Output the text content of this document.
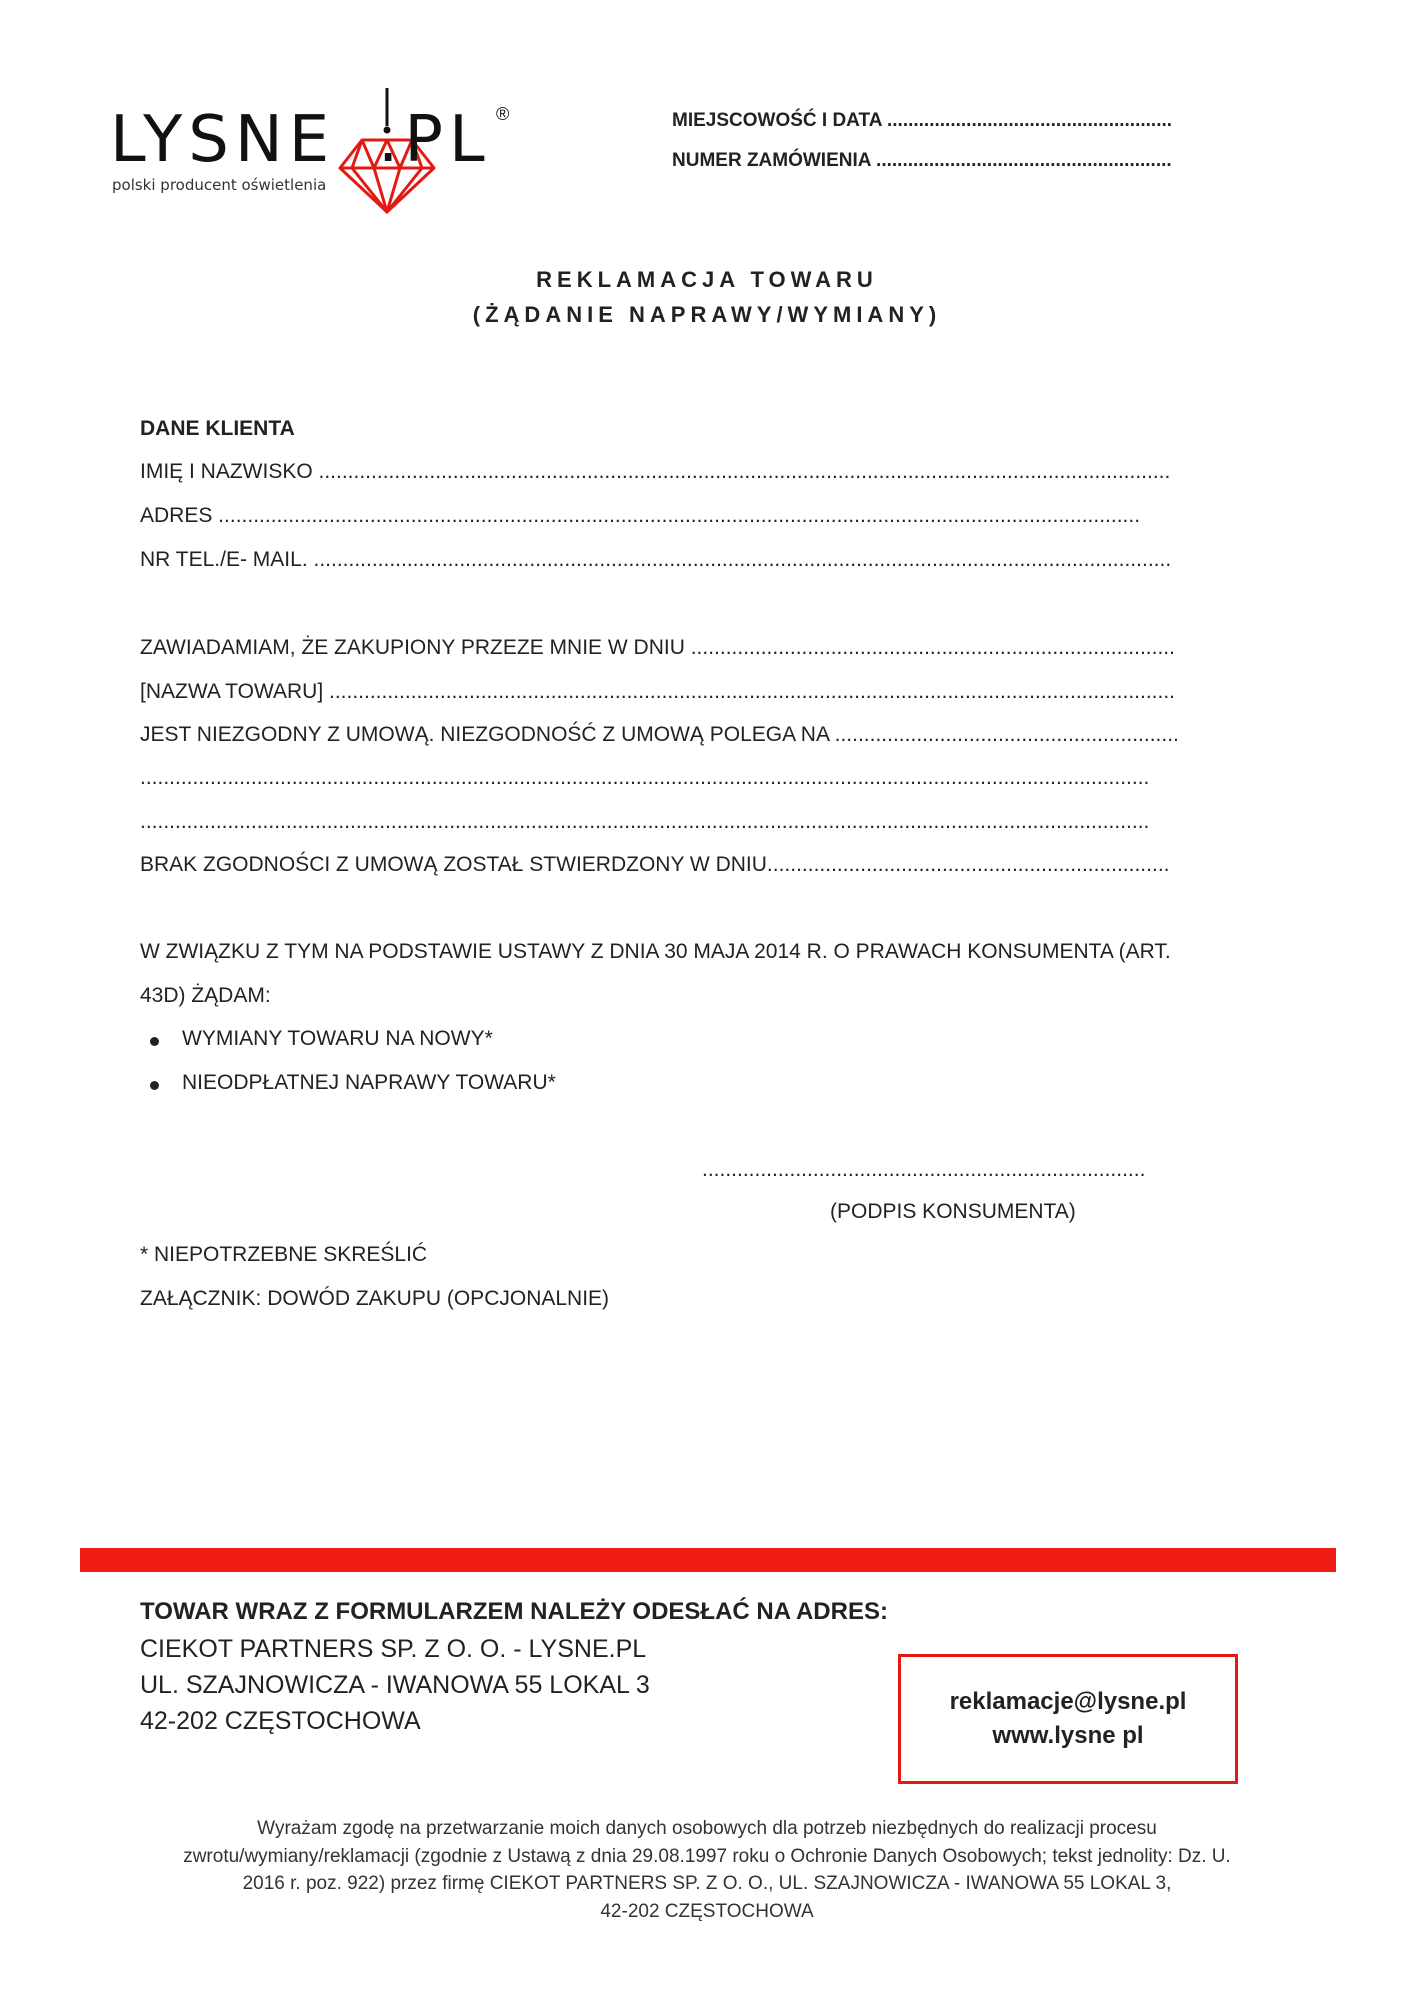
LYSNE .PL ®
polski producent oświetlenia
MIEJSCOWOŚĆ I DATA ......................................................
NUMER ZAMÓWIENIA ........................................................
REKLAMACJA TOWARU
(ŻĄDANIE NAPRAWY/WYMIANY)
DANE KLIENTA
IMIĘ I NAZWISKO ..................................................................................................................................................
ADRES ..............................................................................................................................................................
NR TEL./E- MAIL. ...................................................................................................................................................
ZAWIADAMIAM, ŻE ZAKUPIONY PRZEZE MNIE W DNIU ...................................................................................
[NAZWA TOWARU] .................................................................................................................................................
JEST NIEZGODNY Z UMOWĄ. NIEZGODNOŚĆ Z UMOWĄ POLEGA NA ...........................................................
.............................................................................................................................................................................
.............................................................................................................................................................................
BRAK ZGODNOŚCI Z UMOWĄ ZOSTAŁ STWIERDZONY W DNIU.....................................................................
W ZWIĄZKU Z TYM NA PODSTAWIE USTAWY Z DNIA 30 MAJA 2014 R. O PRAWACH KONSUMENTA (ART.
43D) ŻĄDAM:
WYMIANY TOWARU NA NOWY*
NIEODPŁATNEJ NAPRAWY TOWARU*
............................................................................
(PODPIS KONSUMENTA)
* NIEPOTRZEBNE SKREŚLIĆ
ZAŁĄCZNIK: DOWÓD ZAKUPU (OPCJONALNIE)
TOWAR WRAZ Z FORMULARZEM NALEŻY ODESŁAĆ NA ADRES:
CIEKOT PARTNERS SP. Z O. O. - LYSNE.PL
UL. SZAJNOWICZA - IWANOWA 55 LOKAL 3
42-202 CZĘSTOCHOWA
reklamacje@lysne.pl
www.lysne pl
Wyrażam zgodę na przetwarzanie moich danych osobowych dla potrzeb niezbędnych do realizacji procesu
zwrotu/wymiany/reklamacji (zgodnie z Ustawą z dnia 29.08.1997 roku o Ochronie Danych Osobowych; tekst jednolity: Dz. U.
2016 r. poz. 922) przez firmę CIEKOT PARTNERS SP. Z O. O., UL. SZAJNOWICZA - IWANOWA 55 LOKAL 3,
42-202 CZĘSTOCHOWA
